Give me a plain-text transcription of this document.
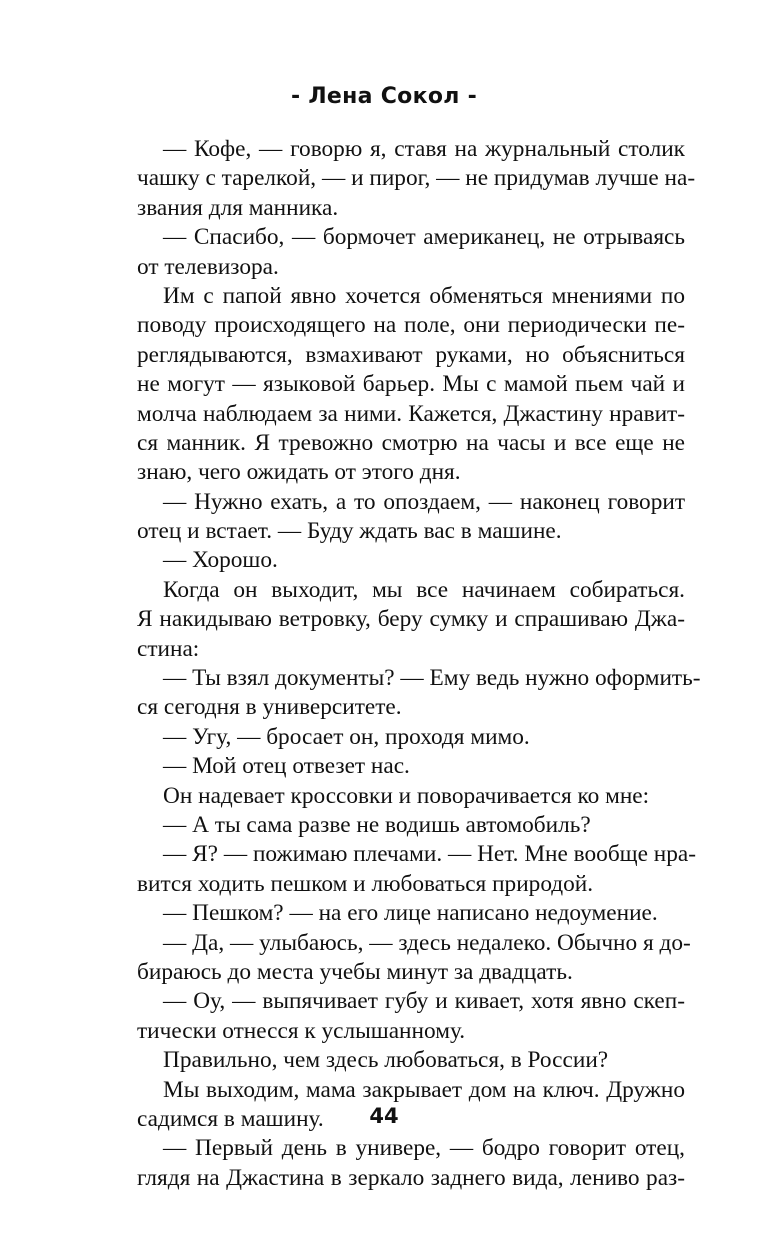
- Лена Сокол -
— Кофе, — говорю я, ставя на журнальный столик
чашку с тарелкой, — и пирог, — не придумав лучше на-
звания для манника.
— Спасибо, — бормочет американец, не отрываясь
от телевизора.
Им с папой явно хочется обменяться мнениями по
поводу происходящего на поле, они периодически пе-
реглядываются, взмахивают руками, но объясниться
не могут — языковой барьер. Мы с мамой пьем чай и
молча наблюдаем за ними. Кажется, Джастину нравит-
ся манник. Я тревожно смотрю на часы и все еще не
знаю, чего ожидать от этого дня.
— Нужно ехать, а то опоздаем, — наконец говорит
отец и встает. — Буду ждать вас в машине.
— Хорошо.
Когда он выходит, мы все начинаем собираться.
Я накидываю ветровку, беру сумку и спрашиваю Джа-
стина:
— Ты взял документы? — Ему ведь нужно оформить-
ся сегодня в университете.
— Угу, — бросает он, проходя мимо.
— Мой отец отвезет нас.
Он надевает кроссовки и поворачивается ко мне:
— А ты сама разве не водишь автомобиль?
— Я? — пожимаю плечами. — Нет. Мне вообще нра-
вится ходить пешком и любоваться природой.
— Пешком? — на его лице написано недоумение.
— Да, — улыбаюсь, — здесь недалеко. Обычно я до-
бираюсь до места учебы минут за двадцать.
— Оу, — выпячивает губу и кивает, хотя явно скеп-
тически отнесся к услышанному.
Правильно, чем здесь любоваться, в России?
Мы выходим, мама закрывает дом на ключ. Дружно
садимся в машину.
— Первый день в универе, — бодро говорит отец,
глядя на Джастина в зеркало заднего вида, лениво раз-
44
